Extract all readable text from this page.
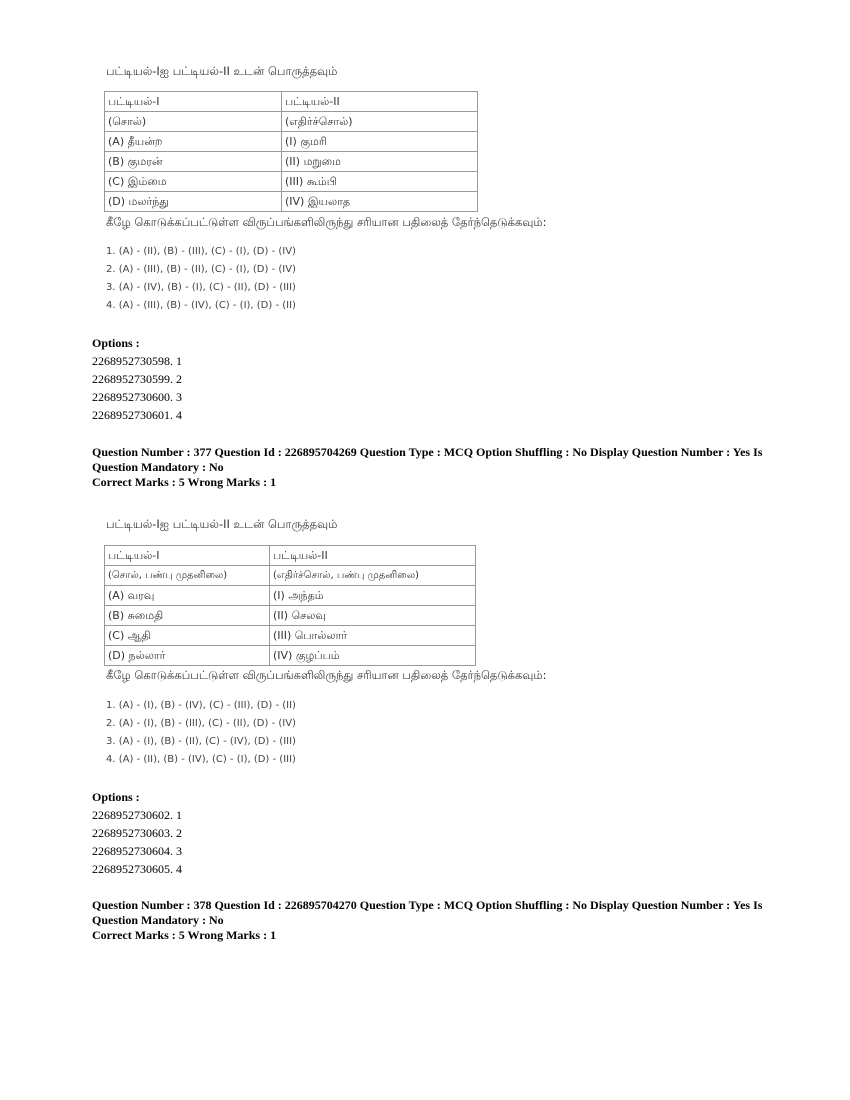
பட்டியல்-Iஐ பட்டியல்-II உடன் பொருத்தவும்
பட்டியல்-I	பட்டியல்-II
(சொல்)	(எதிர்ச்சொல்)
(A) தீயன்ற	(I) குமரி
(B) குமரன்	(II) மறுமை
(C) இம்மை	(III) கூம்பி
(D) மலர்ந்து	(IV) இயலாத
கீழே கொடுக்கப்பட்டுள்ள விருப்பங்களிலிருந்து சரியான பதிலைத் தேர்ந்தெடுக்கவும்:
1. (A) - (II), (B) - (III), (C) - (I), (D) - (IV)
2. (A) - (III), (B) - (II), (C) - (I), (D) - (IV)
3. (A) - (IV), (B) - (I), (C) - (II), (D) - (III)
4. (A) - (III), (B) - (IV), (C) - (I), (D) - (II)
Options :
2268952730598. 1
2268952730599. 2
2268952730600. 3
2268952730601. 4
Question Number : 377 Question Id : 226895704269 Question Type : MCQ Option Shuffling : No Display Question Number : Yes Is Question Mandatory : No
Correct Marks : 5 Wrong Marks : 1
பட்டியல்-Iஐ பட்டியல்-II உடன் பொருத்தவும்
பட்டியல்-I	பட்டியல்-II
(சொல், பண்பு முதனிலை)	(எதிர்ச்சொல், பண்பு முதனிலை)
(A) வரவு	(I) அந்தம்
(B) சுமைதி	(II) செலவு
(C) ஆதி	(III) பொல்லார்
(D) நல்லார்	(IV) குழப்பம்
கீழே கொடுக்கப்பட்டுள்ள விருப்பங்களிலிருந்து சரியான பதிலைத் தேர்ந்தெடுக்கவும்:
1. (A) - (I), (B) - (IV), (C) - (III), (D) - (II)
2. (A) - (I), (B) - (III), (C) - (II), (D) - (IV)
3. (A) - (I), (B) - (II), (C) - (IV), (D) - (III)
4. (A) - (II), (B) - (IV), (C) - (I), (D) - (III)
Options :
2268952730602. 1
2268952730603. 2
2268952730604. 3
2268952730605. 4
Question Number : 378 Question Id : 226895704270 Question Type : MCQ Option Shuffling : No Display Question Number : Yes Is Question Mandatory : No
Correct Marks : 5 Wrong Marks : 1
